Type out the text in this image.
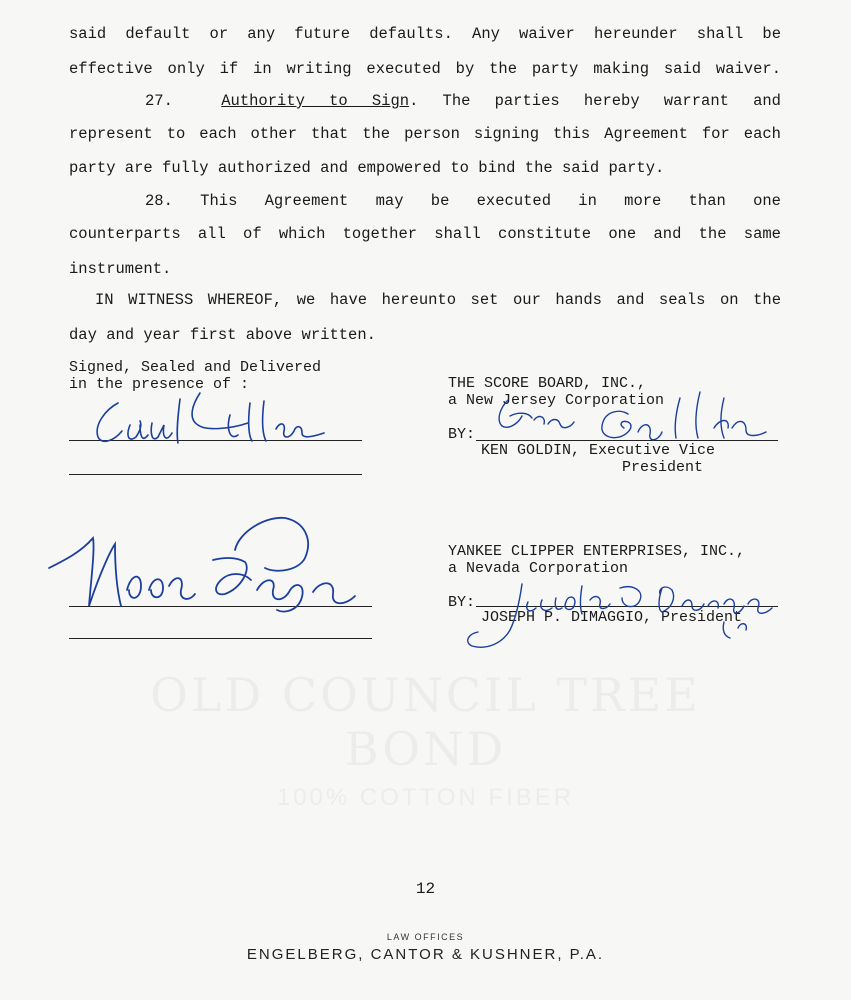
OLD COUNCIL TREE
BOND
100% COTTON FIBER
said default or any future defaults. Any waiver hereunder shall be
effective only if in writing executed by the party making said waiver.
27.	Authority to Sign. The parties hereby warrant and
represent to each other that the person signing this Agreement for each
party are fully authorized and empowered to bind the said party.
28. This Agreement may be executed in more than one
counterparts all of which together shall constitute one and the same
instrument.
IN WITNESS WHEREOF, we have hereunto set our hands and seals on the
day and year first above written.
Signed, Sealed and Delivered
in the presence of :	THE SCORE BOARD, INC.,
a New Jersey Corporation
BY:
KEN GOLDIN, Executive Vice
President
YANKEE CLIPPER ENTERPRISES, INC.,
a Nevada Corporation
BY:
JOSEPH P. DIMAGGIO, President
12
LAW OFFICES
ENGELBERG, CANTOR & KUSHNER, P.A.
